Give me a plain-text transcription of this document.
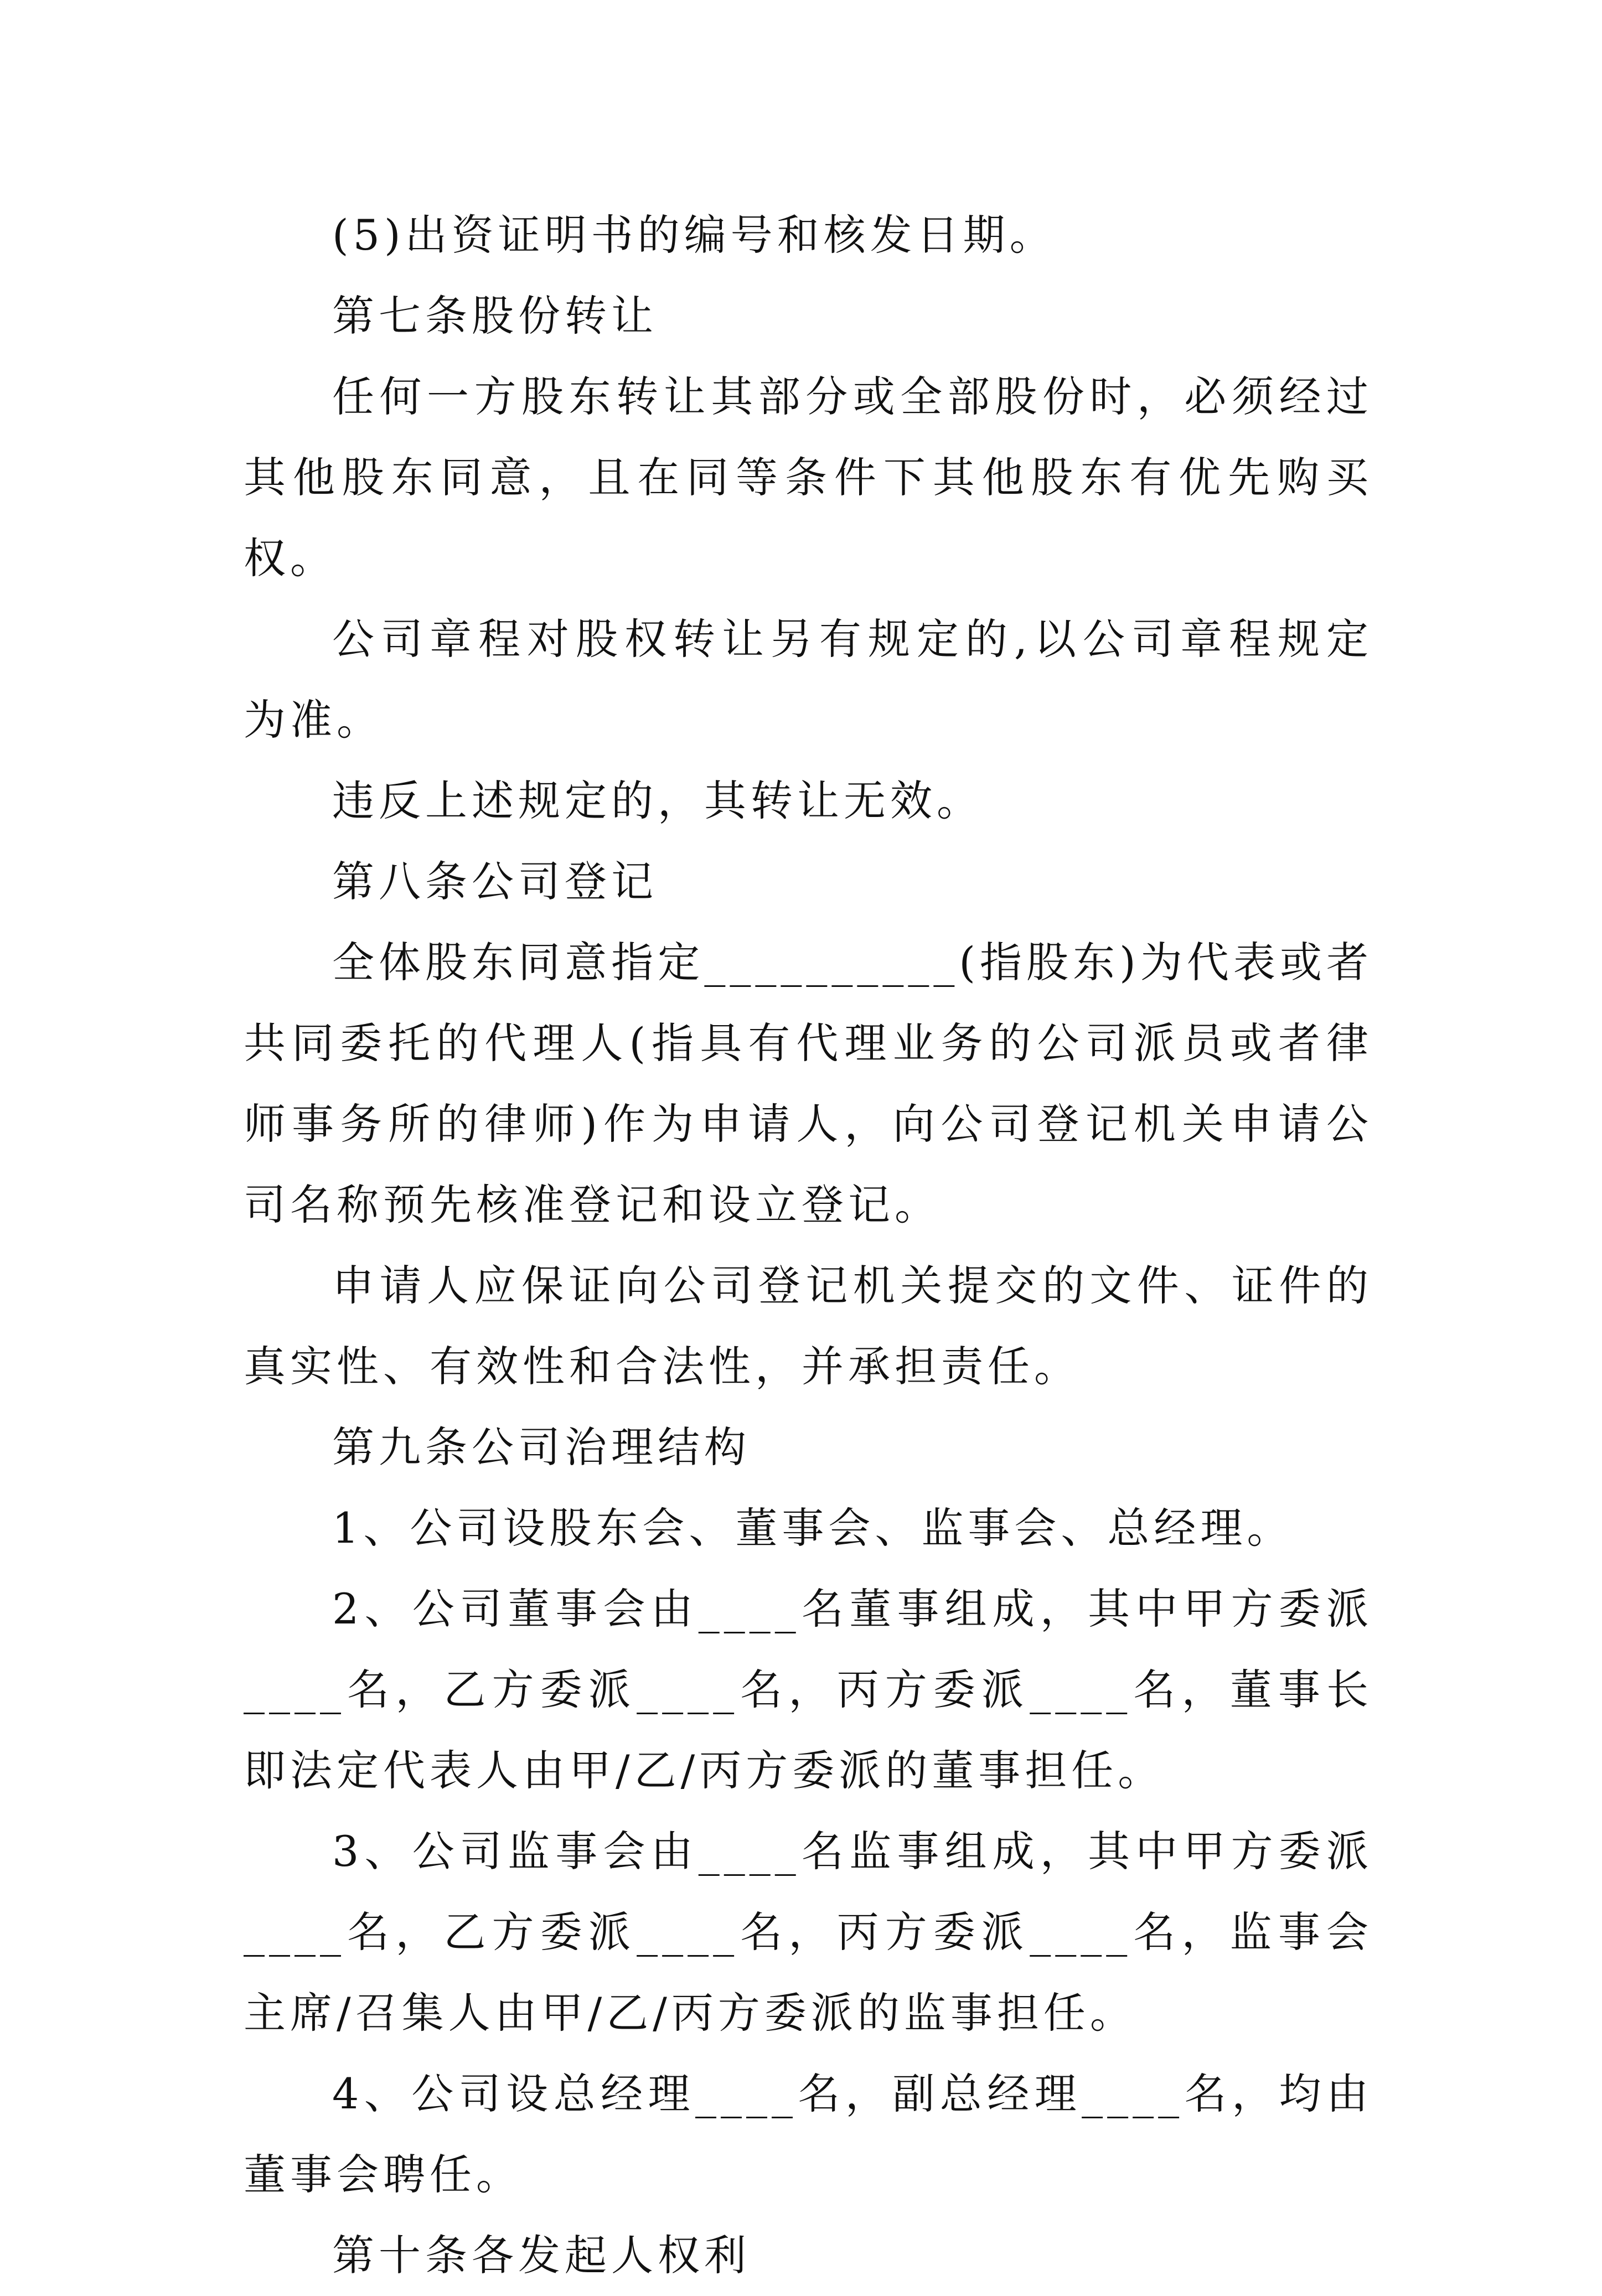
(5)出资证明书的编号和核发日期。

第七条股份转让

任何一方股东转让其部分或全部股份时，必须经过其他股东同意，且在同等条件下其他股东有优先购买权。

公司章程对股权转让另有规定的,以公司章程规定为准。

违反上述规定的，其转让无效。

第八条公司登记

全体股东同意指定__________(指股东)为代表或者共同委托的代理人(指具有代理业务的公司派员或者律师事务所的律师)作为申请人，向公司登记机关申请公司名称预先核准登记和设立登记。

申请人应保证向公司登记机关提交的文件、证件的真实性、有效性和合法性，并承担责任。

第九条公司治理结构

1、公司设股东会、董事会、监事会、总经理。

2、公司董事会由____名董事组成，其中甲方委派____名，乙方委派____名，丙方委派____名，董事长即法定代表人由甲/乙/丙方委派的董事担任。

3、公司监事会由____名监事组成，其中甲方委派____名，乙方委派____名，丙方委派____名，监事会主席/召集人由甲/乙/丙方委派的监事担任。

4、公司设总经理____名，副总经理____名，均由董事会聘任。

第十条各发起人权利
